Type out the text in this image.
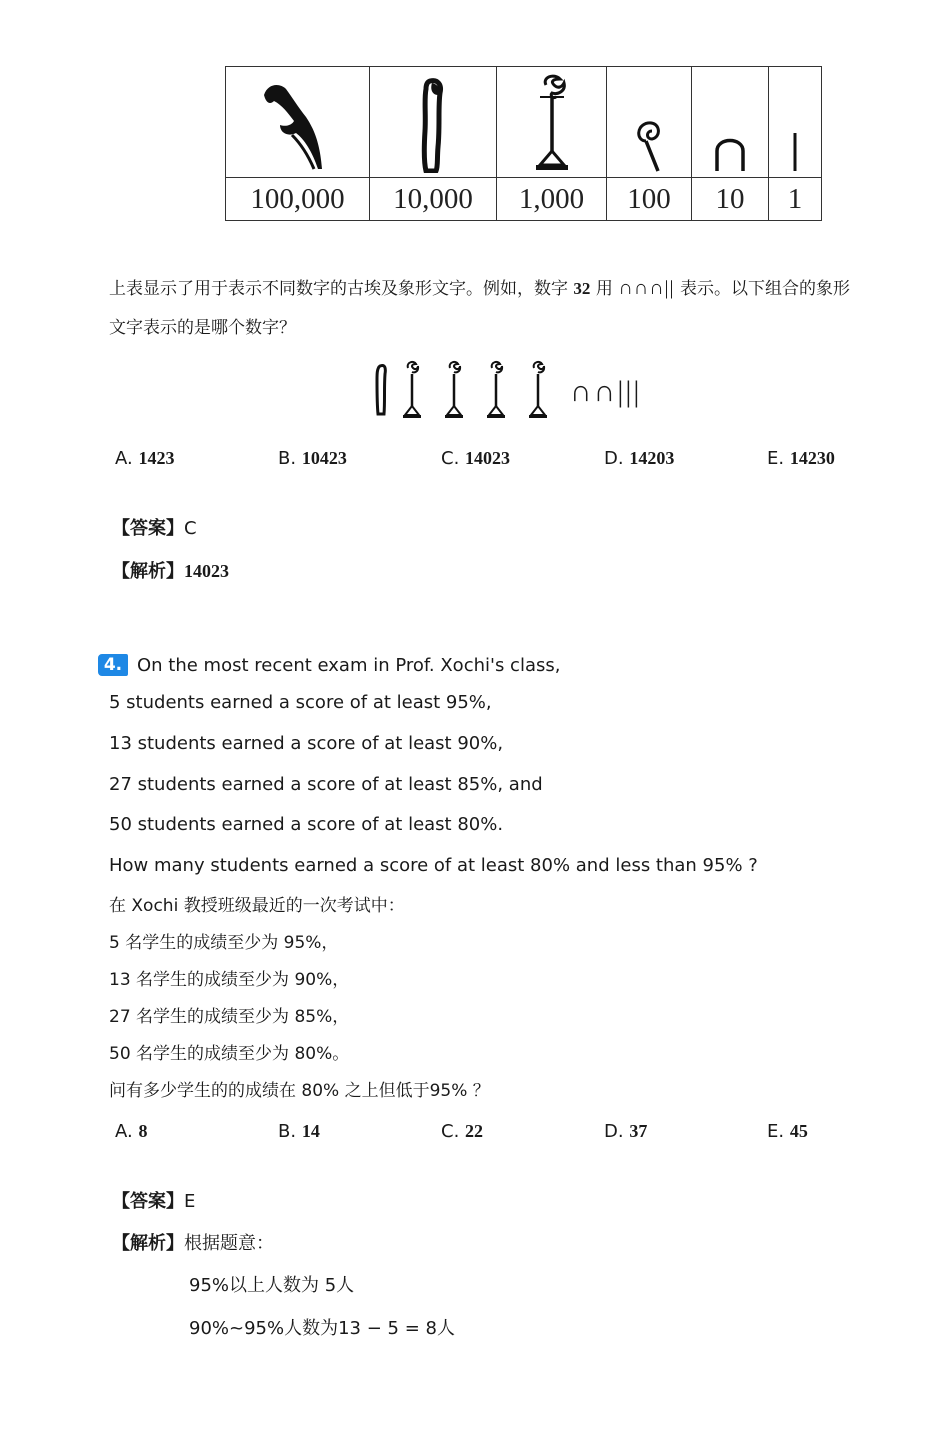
100,000	10,000	1,000	100	10	1
上表显示了用于表示不同数字的古埃及象形文字。例如，数字 32 用 ∩∩∩|| 表示。以下组合的象形
文字表示的是哪个数字？
∩∩|||
A. 1423	B. 10423	C. 14023	D. 14203	E. 14230
【答案】C
【解析】14023
4. On the most recent exam in Prof. Xochi's class,
5 students earned a score of at least 95%,
13 students earned a score of at least 90%,
27 students earned a score of at least 85%, and
50 students earned a score of at least 80%.
How many students earned a score of at least 80% and less than 95% ?
在 Xochi 教授班级最近的一次考试中：
5 名学生的成绩至少为 95%，
13 名学生的成绩至少为 90%，
27 名学生的成绩至少为 85%，
50 名学生的成绩至少为 80%。
问有多少学生的的成绩在 80% 之上但低于95% ？
A. 8	B. 14	C. 22	D. 37	E. 45
【答案】E
【解析】根据题意：
95%以上人数为 5人
90%~95%人数为13 − 5 = 8人
